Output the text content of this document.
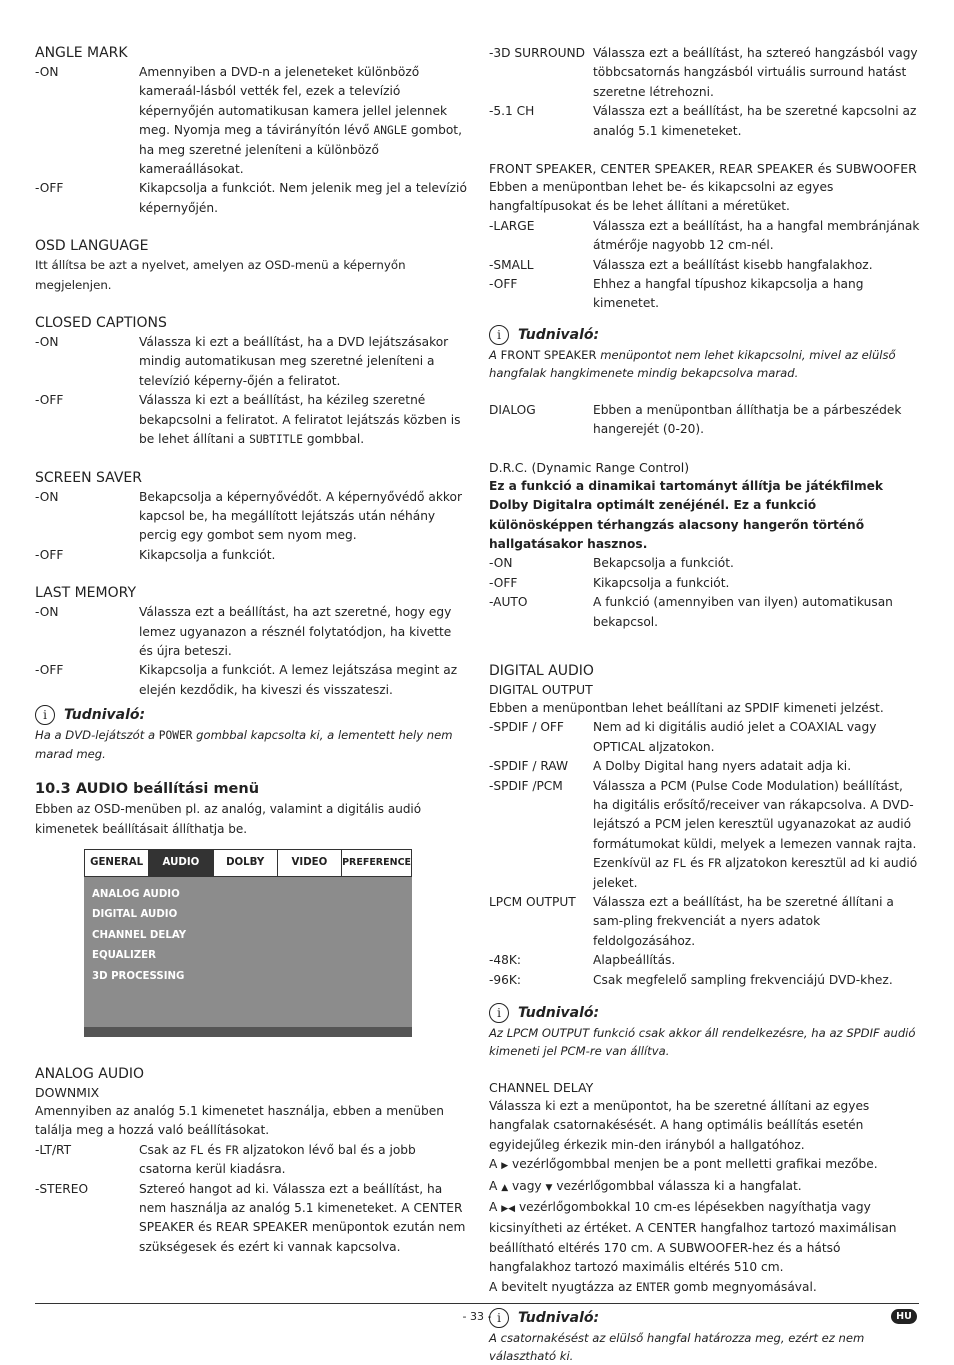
ANGLE MARK
-ON	Amennyiben a DVD-n a jeleneteket különböző kameraál-lásból vették fel, ezek a televízió képernyőjén automatikusan kamera jellel jelennek meg. Nyomja meg a távirányítón lévő ANGLE gombot, ha meg szeretné jeleníteni a különböző kameraállásokat.
-OFF	Kikapcsolja a funkciót. Nem jelenik meg jel a televízió képernyőjén.
OSD LANGUAGE

Itt állítsa be azt a nyelvet, amelyen az OSD-menü a képernyőn megjelenjen.

CLOSED CAPTIONS
-ON	Válassza ki ezt a beállítást, ha a DVD lejátszásakor mindig automatikusan meg szeretné jeleníteni a televízió képerny-őjén a feliratot.
-OFF	Válassza ki ezt a beállítást, ha kézileg szeretné bekapcsolni a feliratot. A feliratot lejátszás közben is be lehet állítani a SUBTITLE gombbal.
SCREEN SAVER
-ON	Bekapcsolja a képernyővédőt. A képernyővédő akkor kapcsol be, ha megállított lejátszás után néhány percig egy gombot sem nyom meg.
-OFF	Kikapcsolja a funkciót.
LAST MEMORY
-ON	Válassza ezt a beállítást, ha azt szeretné, hogy egy lemez ugyanazon a résznél folytatódjon, ha kivette és újra beteszi.
-OFF	Kikapcsolja a funkciót. A lemez lejátszása megint az elején kezdődik, ha kiveszi és visszateszi.
i	Tudnivaló:
Ha a DVD-lejátszót a POWER gombbal kapcsolta ki, a lementett hely nem marad meg.
10.3 AUDIO beállítási menü

Ebben az OSD-menüben pl. az analóg, valamint a digitális audió kimenetek beállításait állíthatja be.

GENERAL	AUDIO	DOLBY	VIDEO	PREFERENCE
ANALOG AUDIO
DIGITAL AUDIO
CHANNEL DELAY
EQUALIZER
3D PROCESSING
ANALOG AUDIO
DOWNMIX

Amennyiben az analóg 5.1 kimenetet használja, ebben a menüben találja meg a hozzá való beállításokat.

-LT/RT	Csak az FL és FR aljzatokon lévő bal és a jobb csatorna kerül kiadásra.
-STEREO	Sztereó hangot ad ki. Válassza ezt a beállítást, ha nem használja az analóg 5.1 kimeneteket. A CENTER SPEAKER és REAR SPEAKER menüpontok ezután nem szükségesek és ezért ki vannak kapcsolva.
-3D SURROUND Válassza ezt a beállítást, ha sztereó hangzásból vagy többcsatornás hangzásból virtuális surround hatást szeretne létrehozni.
-5.1 CH	Válassza ezt a beállítást, ha be szeretné kapcsolni az analóg 5.1 kimeneteket.
FRONT SPEAKER, CENTER SPEAKER, REAR SPEAKER és SUBWOOFER

Ebben a menüpontban lehet be- és kikapcsolni az egyes hangfaltípusokat és be lehet állítani a méretüket.

-LARGE	Válassza ezt a beállítást, ha a hangfal membránjának átmérője nagyobb 12 cm-nél.
-SMALL	Válassza ezt a beállítást kisebb hangfalakhoz.
-OFF	Ehhez a hangfal típushoz kikapcsolja a hang kimenetet.
i	Tudnivaló:
A FRONT SPEAKER menüpontot nem lehet kikapcsolni, mivel az elülső hangfalak hangkimenete mindig bekapcsolva marad.
DIALOG	Ebben a menüpontban állíthatja be a párbeszédek hangerejét (0-20).
D.R.C. (Dynamic Range Control)

Ez a funkció a dinamikai tartományt állítja be játékfilmek Dolby Digitalra optimált zenéjénél. Ez a funkció különösképpen térhangzás alacsony hangerőn történő hallgatásakor hasznos.

-ON	Bekapcsolja a funkciót.
-OFF	Kikapcsolja a funkciót.
-AUTO	A funkció (amennyiben van ilyen) automatikusan bekapcsol.
DIGITAL AUDIO
DIGITAL OUTPUT

Ebben a menüpontban lehet beállítani az SPDIF kimeneti jelzést.

-SPDIF / OFF	Nem ad ki digitális audió jelet a COAXIAL vagy OPTICAL aljzatokon.
-SPDIF / RAW	A Dolby Digital hang nyers adatait adja ki.
-SPDIF /PCM	Válassza a PCM (Pulse Code Modulation) beállítást, ha digitális erősítő/receiver van rákapcsolva. A DVD-lejátszó a PCM jelen keresztül ugyanazokat az audió formátumokat küldi, melyek a lemezen vannak rajta. Ezenkívül az FL és FR aljzatokon keresztül ad ki audió jeleket.
LPCM OUTPUT	Válassza ezt a beállítást, ha be szeretné állítani a sam-pling frekvenciát a nyers adatok feldolgozásához.
-48K:	Alapbeállítás.
-96K:	Csak megfelelő sampling frekvenciájú DVD-khez.
i	Tudnivaló:
Az LPCM OUTPUT funkció csak akkor áll rendelkezésre, ha az SPDIF audió kimeneti jel PCM-re van állítva.
CHANNEL DELAY

Válassza ki ezt a menüpontot, ha be szeretné állítani az egyes hangfalak csatornakésését. A hang optimális beállítás esetén egyidejűleg érkezik min-den irányból a hallgatóhoz.

A ▶ vezérlőgombbal menjen be a pont melletti grafikai mezőbe.

A ▲ vagy ▼ vezérlőgombbal válassza ki a hangfalat.

A ▶◀ vezérlőgombokkal 10 cm-es lépésekben nagyíthatja vagy kicsinyítheti az értéket. A CENTER hangfalhoz tartozó maximálisan beállítható eltérés 170 cm. A SUBWOOFER-hez és a hátsó hangfalakhoz tartozó maximális eltérés 510 cm.

A bevitelt nyugtázza az ENTER gomb megnyomásával.

i	Tudnivaló:
A csatornakésést az elülső hangfal határozza meg, ezért ez nem választható ki.
- 33 -	HU
